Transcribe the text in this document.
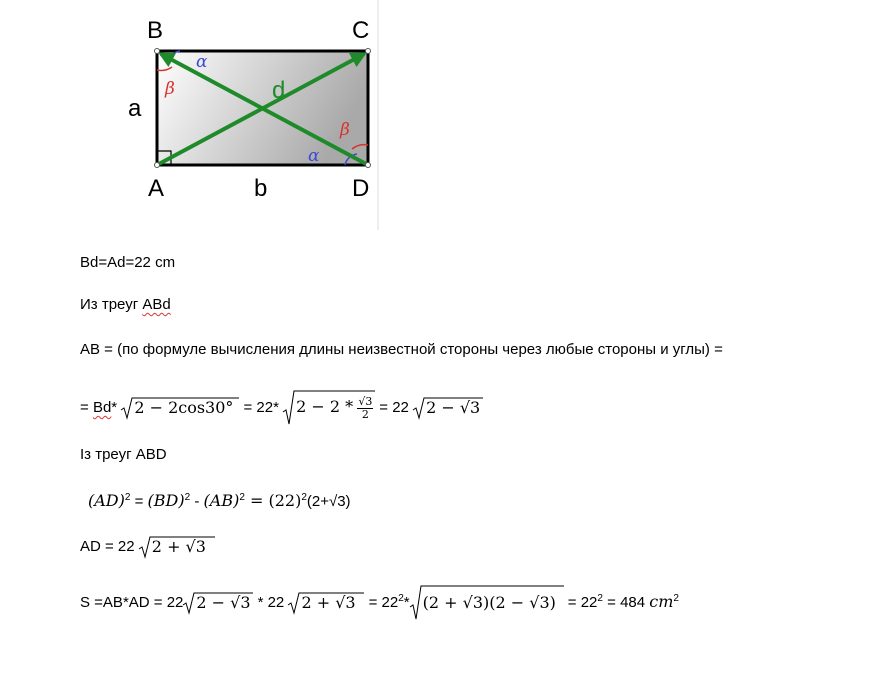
B	C
A	D
a
b
d
α
β
α
β
Bd=Ad=22 cm
Из треуг ABd
AB = (по формуле вычисления длины неизвестной стороны через любые стороны и углы) =
= Bd*
2 − 2cos30° = 22* $2 - 2 * \frac{√3}{2} = 22$ 2 − √3
Із треуг ABD
$(AD)^2 = (BD)^2 - (AB)^2 = (22)^2(2+√3)$
AD = 22
2 + √3
S =AB*AD = 22 2 − √3 * 22
$2 + √3 = 22^2*$ $(2 + √3)(2 - √3) = 22^2 = 484$ $cm^2$
